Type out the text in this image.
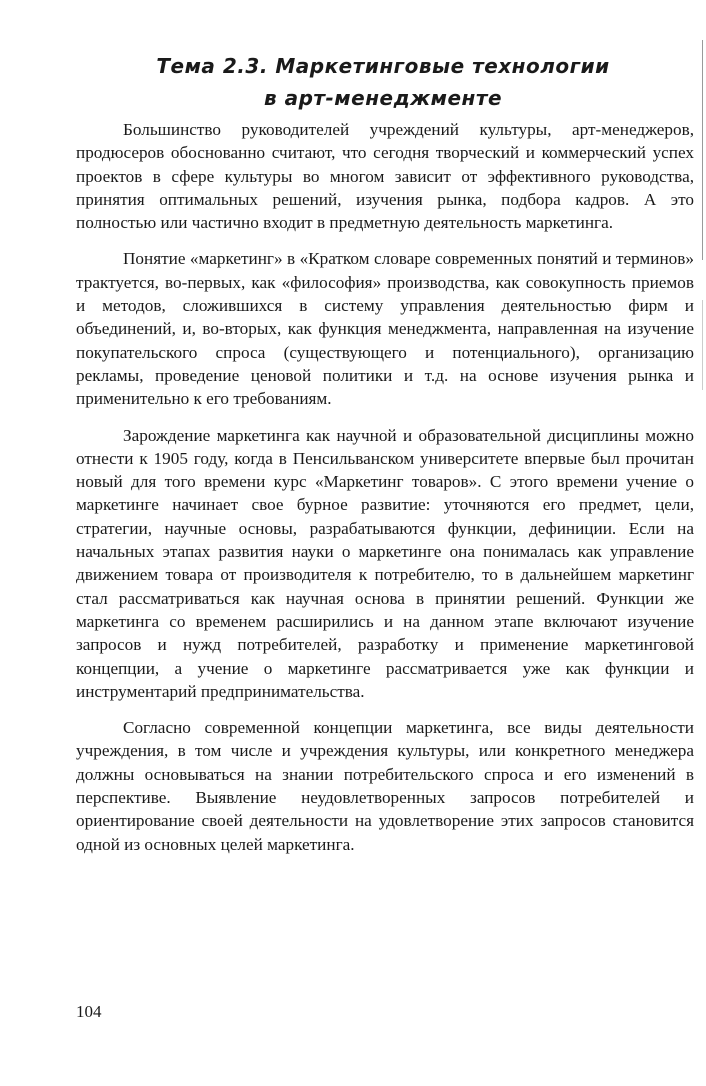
Тема 2.3. Маркетинговые технологии
в арт-менеджменте

Большинство руководителей учреждений культуры, арт-менеджеров, продюсеров обоснованно считают, что сегодня творческий и коммерческий успех проектов в сфере культуры во многом зависит от эффективного руководства, принятия оптимальных решений, изучения рынка, подбора кадров. А это полностью или частично входит в предметную деятельность маркетинга.

Понятие «маркетинг» в «Кратком словаре современных понятий и терминов» трактуется, во-первых, как «философия» производства, как совокупность приемов и методов, сложившихся в систему управления деятельностью фирм и объединений, и, во-вторых, как функция менеджмента, направленная на изучение покупательского спроса (существующего и потенциального), организацию рекламы, проведение ценовой политики и т.д. на основе изучения рынка и применительно к его требованиям.

Зарождение маркетинга как научной и образовательной дисциплины можно отнести к 1905 году, когда в Пенсильванском университете впервые был прочитан новый для того времени курс «Маркетинг товаров». С этого времени учение о маркетинге начинает свое бурное развитие: уточняются его предмет, цели, стратегии, научные основы, разрабатываются функции, дефиниции. Если на начальных этапах развития науки о маркетинге она понималась как управление движением товара от производителя к потребителю, то в дальнейшем маркетинг стал рассматриваться как научная основа в принятии решений. Функции же маркетинга со временем расширились и на данном этапе включают изучение запросов и нужд потребителей, разработку и применение маркетинговой концепции, а учение о маркетинге рассматривается уже как функции и инструментарий предпринимательства.

Согласно современной концепции маркетинга, все виды деятельности учреждения, в том числе и учреждения культуры, или конкретного менеджера должны основываться на знании потребительского спроса и его изменений в перспективе. Выявление неудовлетворенных запросов потребителей и ориентирование своей деятельности на удовлетворение этих запросов становится одной из основных целей маркетинга.

104
